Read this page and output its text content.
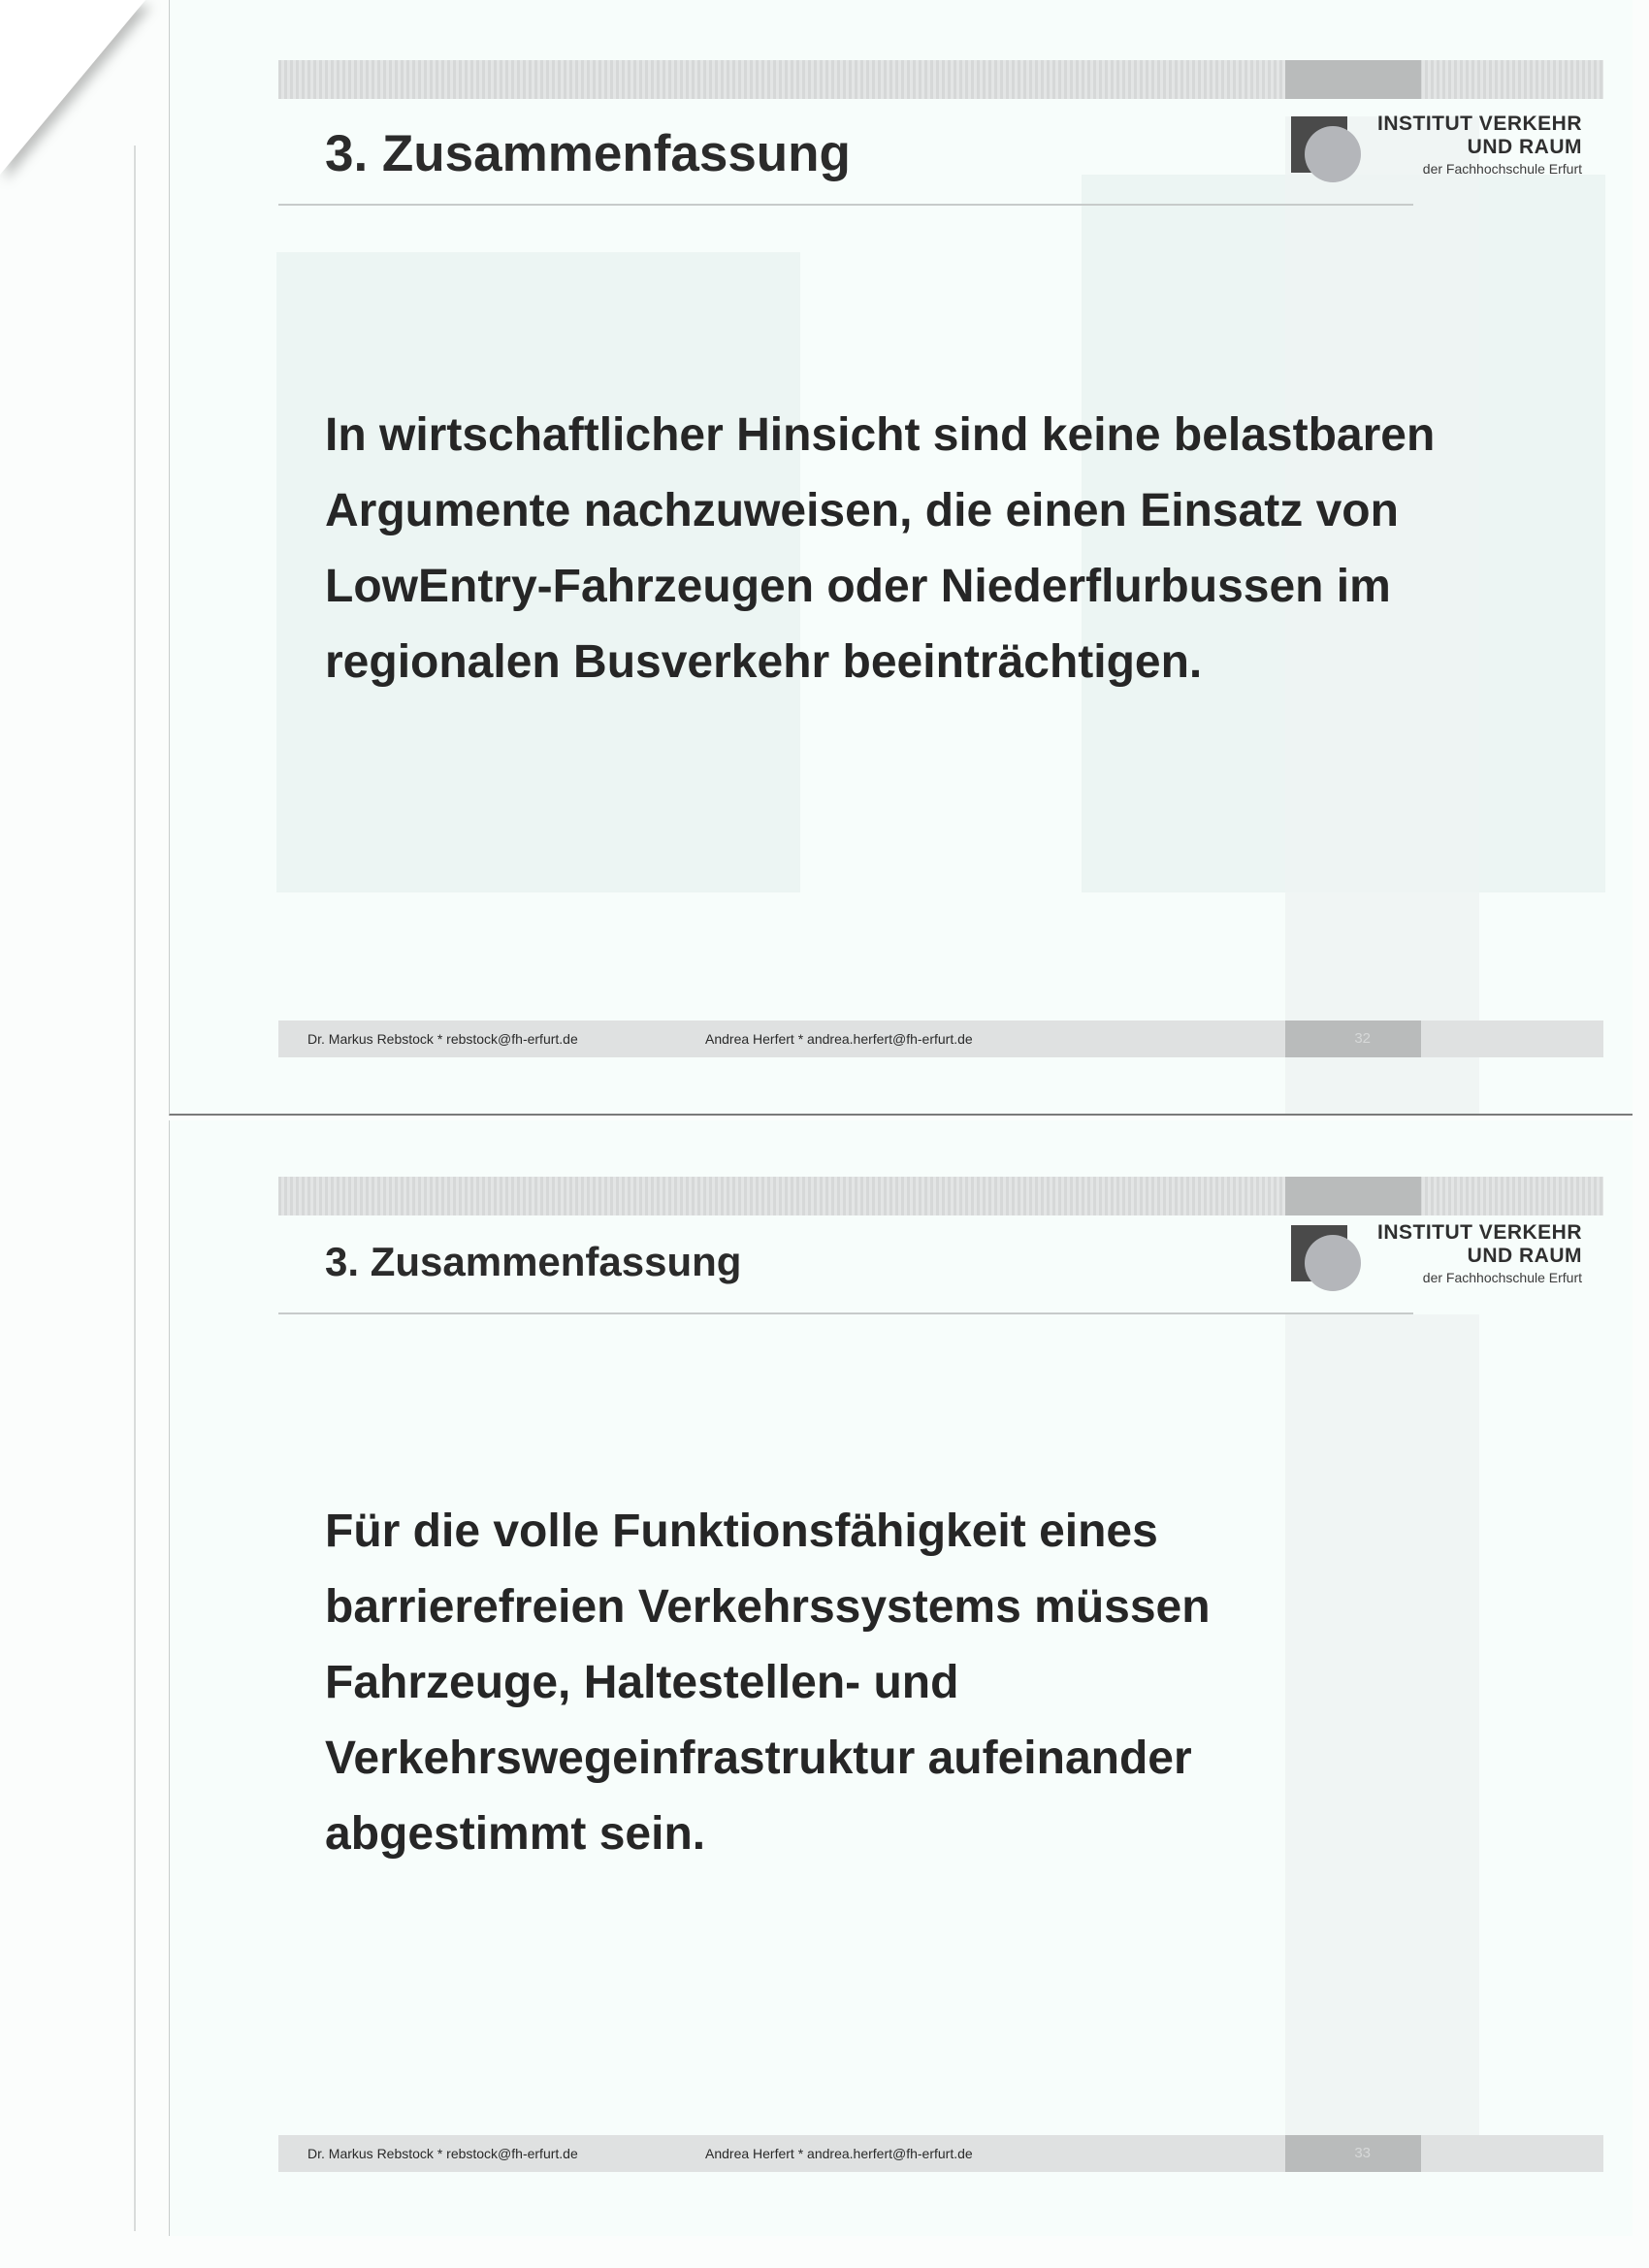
3. Zusammenfassung
INSTITUT VERKEHR
UND RAUM
der Fachhochschule Erfurt
In wirtschaftlicher Hinsicht sind keine belastbaren
Argumente nachzuweisen, die einen Einsatz von
LowEntry-Fahrzeugen oder Niederflurbussen im
regionalen Busverkehr beeinträchtigen.
Dr. Markus Rebstock * rebstock@fh-erfurt.de	Andrea Herfert * andrea.herfert@fh-erfurt.de	32
3. Zusammenfassung
INSTITUT VERKEHR
UND RAUM
der Fachhochschule Erfurt
Für die volle Funktionsfähigkeit eines
barrierefreien Verkehrssystems müssen
Fahrzeuge, Haltestellen- und
Verkehrswegeinfrastruktur aufeinander
abgestimmt sein.
Dr. Markus Rebstock * rebstock@fh-erfurt.de	Andrea Herfert * andrea.herfert@fh-erfurt.de	33
